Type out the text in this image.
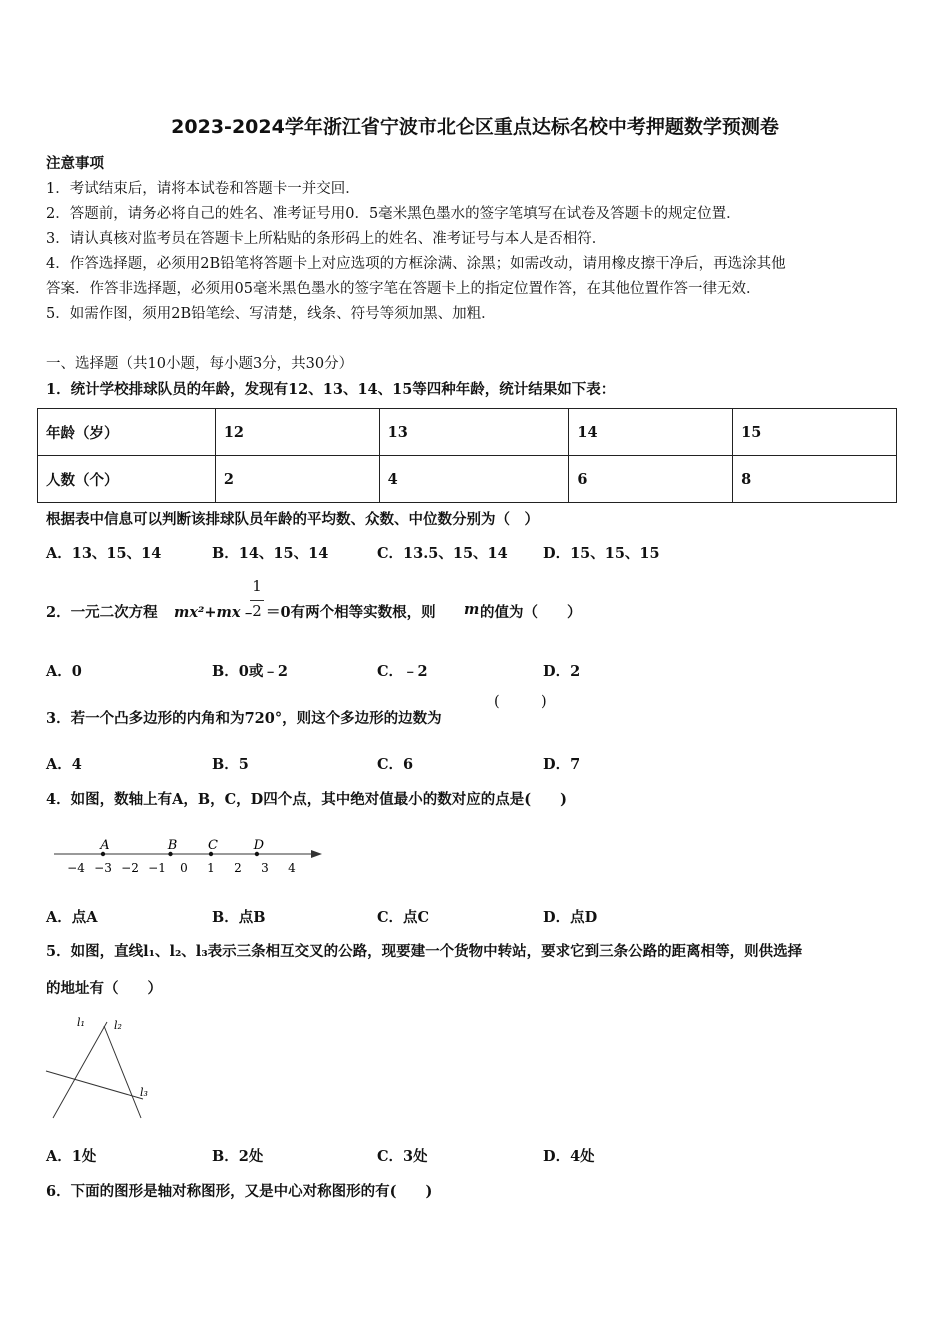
2023-2024学年浙江省宁波市北仑区重点达标名校中考押题数学预测卷
注意事项
1．考试结束后，请将本试卷和答题卡一并交回．
2．答题前，请务必将自己的姓名、准考证号用0．5毫米黑色墨水的签字笔填写在试卷及答题卡的规定位置．
3．请认真核对监考员在答题卡上所粘贴的条形码上的姓名、准考证号与本人是否相符．
4．作答选择题，必须用2B铅笔将答题卡上对应选项的方框涂满、涂黑；如需改动，请用橡皮擦干净后，再选涂其他
答案．作答非选择题，必须用05毫米黑色墨水的签字笔在答题卡上的指定位置作答，在其他位置作答一律无效．
5．如需作图，须用2B铅笔绘、写清楚，线条、符号等须加黑、加粗．
一、选择题（共10小题，每小题3分，共30分）
1．统计学校排球队员的年龄，发现有12、13、14、15等四种年龄，统计结果如下表：
年龄（岁）	12	13	14	15
人数（个）	2	4	6	8
根据表中信息可以判断该排球队员年龄的平均数、众数、中位数分别为（　）
A．13、15、14	B．14、15、14	C．13.5、15、14 D．15、15、15
2．一元二次方程 mx²+mx﹣
1
2 ＝0有两个相等实数根，则 m 的值为（　　）
A．0	B．0或﹣2	C．﹣2	D．2
3．若一个凸多边形的内角和为720°，则这个多边形的边数为
(	)
A．4	B．5	C．6	D．7
4．如图，数轴上有A，B，C，D四个点，其中绝对值最小的数对应的点是(　　)
−4 −3 −2 −1 0 1 2 3 4
A	B C	D
A．点A	B．点B	C．点C	D．点D
5．如图，直线l₁、l₂、l₃表示三条相互交叉的公路，现要建一个货物中转站，要求它到三条公路的距离相等，则供选择
的地址有（　　）
l₁	l₂
l₃
A．1处	B．2处	C．3处	D．4处
6．下面的图形是轴对称图形，又是中心对称图形的有(　　)
